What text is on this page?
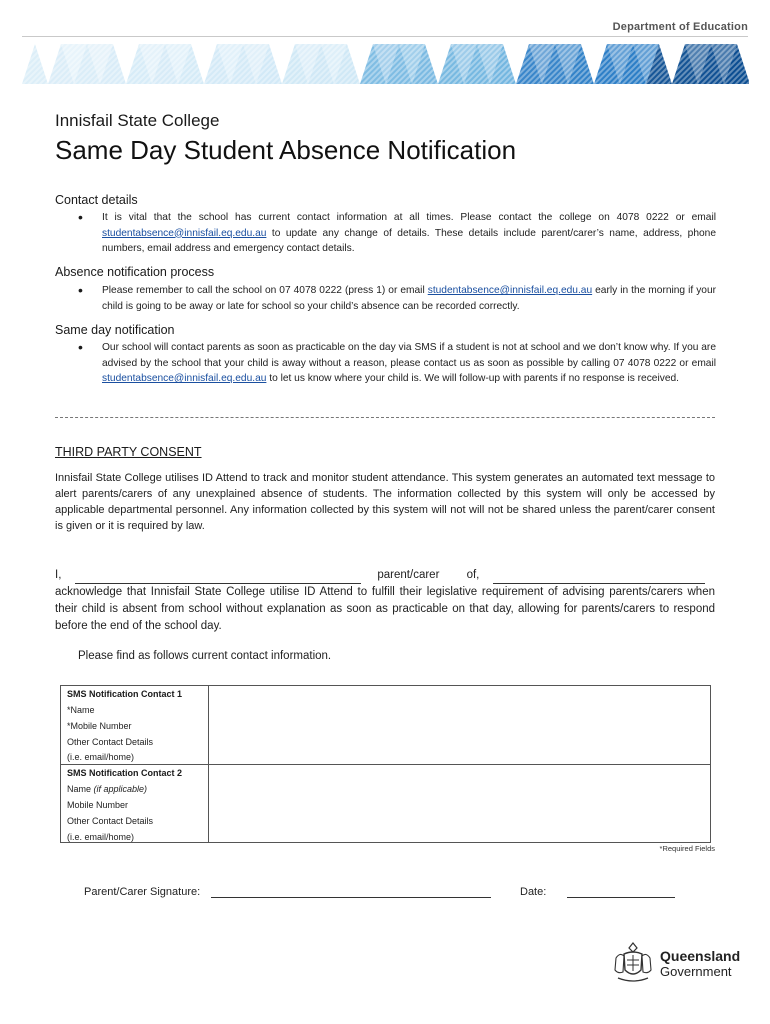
Department of Education
Innisfail State College
Same Day Student Absence Notification
Contact details
• It is vital that the school has current contact information at all times. Please contact the college on 4078 0222 or email studentabsence@innisfail.eq.edu.au to update any change of details. These details include parent/carer’s name, address, phone numbers, email address and emergency contact details.
Absence notification process
• Please remember to call the school on 07 4078 0222 (press 1) or email studentabsence@innisfail.eq.edu.au early in the morning if your child is going to be away or late for school so your child’s absence can be recorded correctly.
Same day notification
• Our school will contact parents as soon as practicable on the day via SMS if a student is not at school and we don’t know why. If you are advised by the school that your child is away without a reason, please contact us as soon as possible by calling 07 4078 0222 or email studentabsence@innisfail.eq.edu.au to let us know where your child is. We will follow-up with parents if no response is received.
THIRD PARTY CONSENT
Innisfail State College utilises ID Attend to track and monitor student attendance. This system generates an automated text message to alert parents/carers of any unexplained absence of students. The information collected by this system will only be accessed by applicable departmental personnel. Any information collected by this system will not will not be shared unless the parent/carer consent is given or it is required by law.
I,	parent/carer of,
acknowledge that Innisfail State College utilise ID Attend to fulfill their legislative requirement of advising parents/carers when their child is absent from school without explanation as soon as practicable on that day, allowing for parents/carers to respond before the end of the school day.
Please find as follows current contact information.
SMS Notification Contact 1
*Name
*Mobile Number
Other Contact Details
(i.e. email/home)
SMS Notification Contact 2
Name (if applicable)
Mobile Number
Other Contact Details
(i.e. email/home)
*Required Fields
Parent/Carer Signature:	Date:
Queensland
Government
